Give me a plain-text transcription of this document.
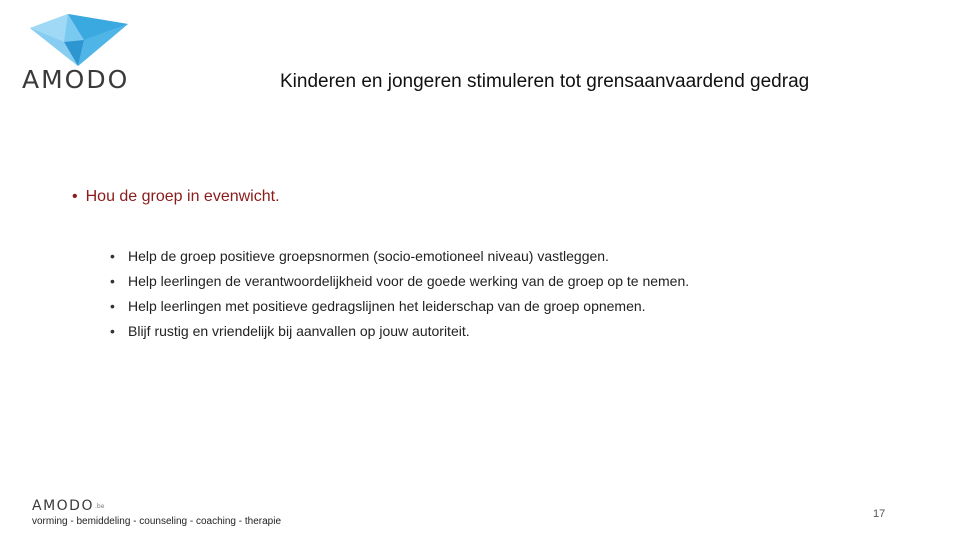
AMODO	Kinderen en jongeren stimuleren tot grensaanvaardend gedrag
• Hou de groep in evenwicht.
• Help de groep positieve groepsnormen (socio-emotioneel niveau) vastleggen.
• Help leerlingen de verantwoordelijkheid voor de goede werking van de groep op te nemen.
• Help leerlingen met positieve gedragslijnen het leiderschap van de groep opnemen.
• Blijf rustig en vriendelijk bij aanvallen op jouw autoriteit.
$AMODO^{.be}$
vorming - bemiddeling - counseling - coaching - therapie
17
